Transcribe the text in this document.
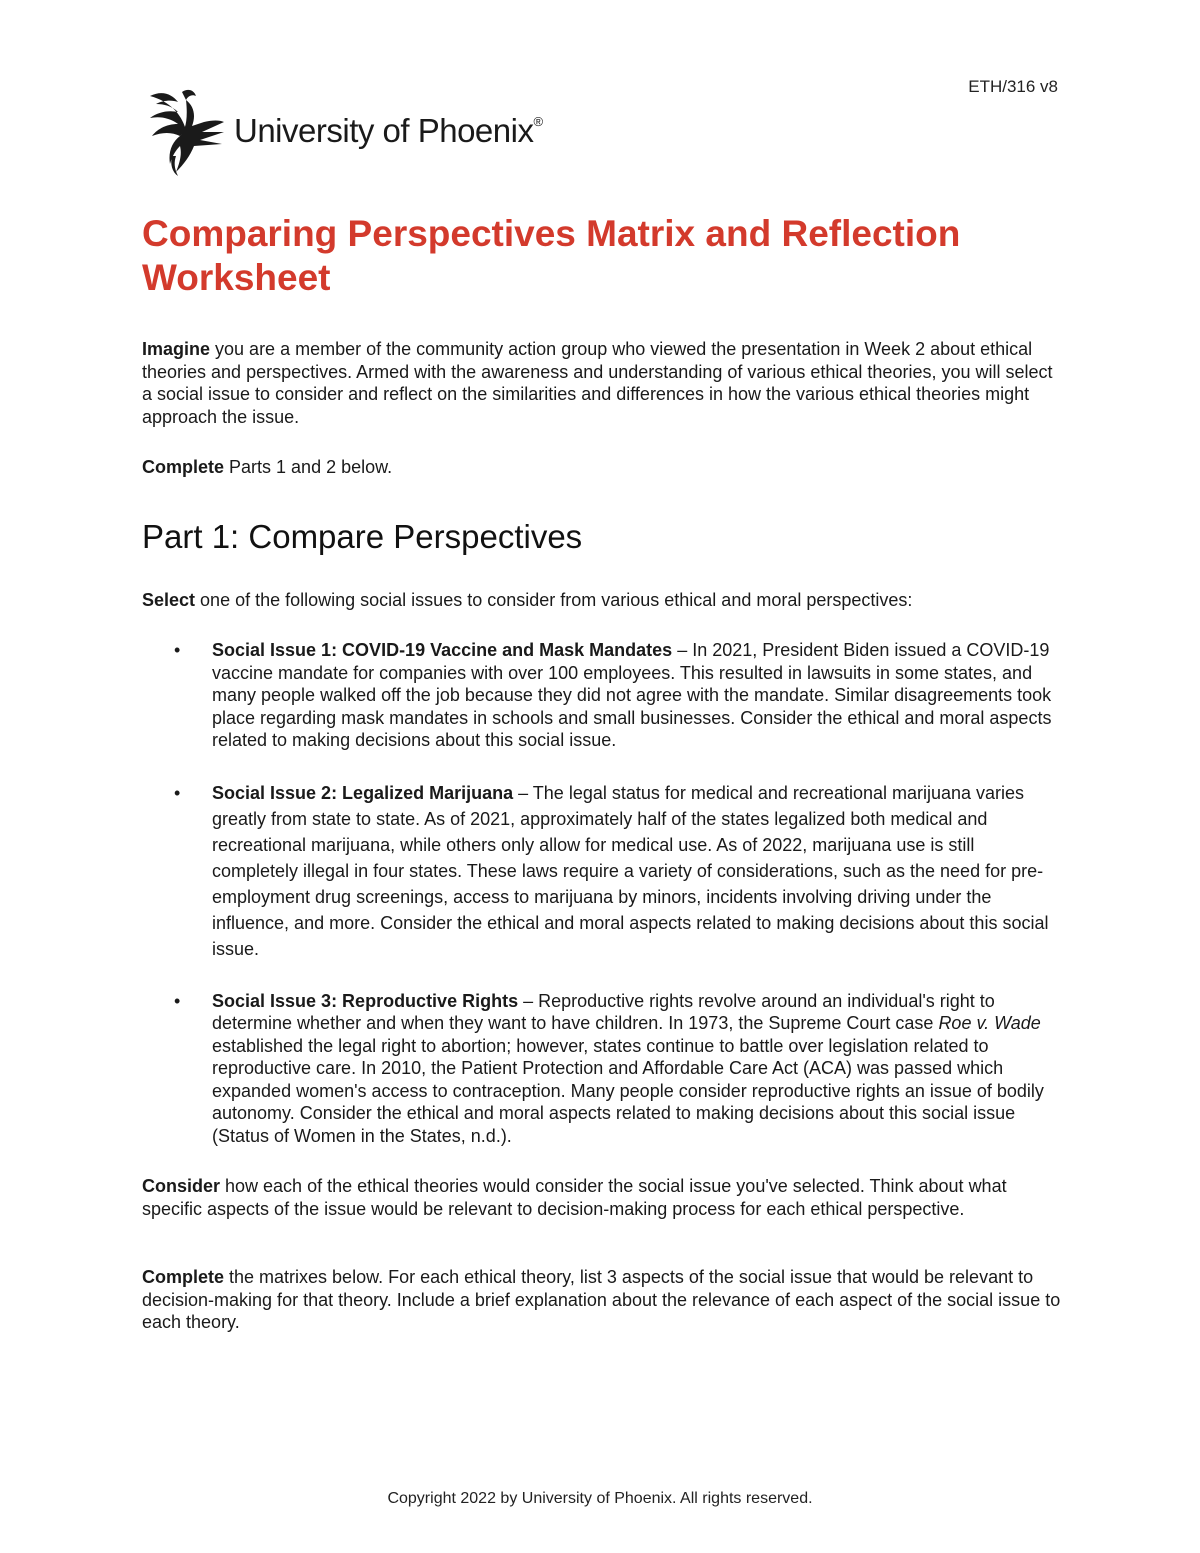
ETH/316 v8
University of Phoenix®
Comparing Perspectives Matrix and Reflection Worksheet

Imagine you are a member of the community action group who viewed the presentation in Week 2 about ethical theories and perspectives. Armed with the awareness and understanding of various ethical theories, you will select a social issue to consider and reflect on the similarities and differences in how the various ethical theories might approach the issue.

Complete Parts 1 and 2 below.

Part 1: Compare Perspectives

Select one of the following social issues to consider from various ethical and moral perspectives:

• Social Issue 1: COVID-19 Vaccine and Mask Mandates – In 2021, President Biden issued a COVID-19 vaccine mandate for companies with over 100 employees. This resulted in lawsuits in some states, and many people walked off the job because they did not agree with the mandate. Similar disagreements took place regarding mask mandates in schools and small businesses. Consider the ethical and moral aspects related to making decisions about this social issue.
• Social Issue 2: Legalized Marijuana – The legal status for medical and recreational marijuana varies greatly from state to state. As of 2021, approximately half of the states legalized both medical and recreational marijuana, while others only allow for medical use. As of 2022, marijuana use is still completely illegal in four states. These laws require a variety of considerations, such as the need for pre-employment drug screenings, access to marijuana by minors, incidents involving driving under the influence, and more. Consider the ethical and moral aspects related to making decisions about this social issue.
• Social Issue 3: Reproductive Rights – Reproductive rights revolve around an individual's right to determine whether and when they want to have children. In 1973, the Supreme Court case Roe v. Wade established the legal right to abortion; however, states continue to battle over legislation related to reproductive care. In 2010, the Patient Protection and Affordable Care Act (ACA) was passed which expanded women's access to contraception. Many people consider reproductive rights an issue of bodily autonomy. Consider the ethical and moral aspects related to making decisions about this social issue (Status of Women in the States, n.d.).

Consider how each of the ethical theories would consider the social issue you've selected. Think about what specific aspects of the issue would be relevant to decision-making process for each ethical perspective.

Complete the matrixes below. For each ethical theory, list 3 aspects of the social issue that would be relevant to decision-making for that theory. Include a brief explanation about the relevance of each aspect of the social issue to each theory.

Copyright 2022 by University of Phoenix. All rights reserved.
